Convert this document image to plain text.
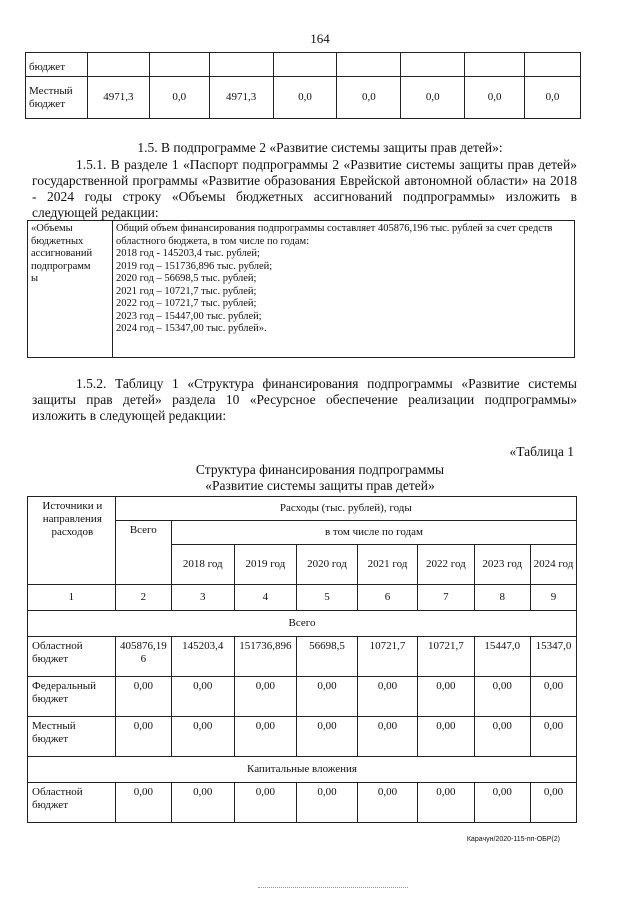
164
бюджет								
Местный бюджет	4971,3	0,0	4971,3	0,0	0,0	0,0	0,0	0,0
1.5. В подпрограмме 2 «Развитие системы защиты прав детей»:
1.5.1. В разделе 1 «Паспорт подпрограммы 2 «Развитие системы защиты прав детей» государственной программы «Развитие образования Еврейской автономной области» на 2018 - 2024 годы строку «Объемы бюджетных ассигнований подпрограммы» изложить в следующей редакции:
«Объемы
бюджетных
ассигнований
подпрограмм
ы

Общий объем финансирования подпрограммы составляет 405876,196 тыс. рублей за счет средств областного бюджета, в том числе по годам:
2018 год - 145203,4 тыс. рублей;
2019 год – 151736,896 тыс. рублей;
2020 год – 56698,5 тыс. рублей;
2021 год – 10721,7 тыс. рублей;
2022 год – 10721,7 тыс. рублей;
2023 год – 15447,00 тыс. рублей;
2024 год – 15347,00 тыс. рублей».
1.5.2. Таблицу 1 «Структура финансирования подпрограммы «Развитие системы защиты прав детей» раздела 10 «Ресурсное обеспечение реализации подпрограммы» изложить в следующей редакции:
«Таблица 1
Структура финансирования подпрограммы
«Развитие системы защиты прав детей»
Источники и направления расходов	Расходы (тыс. рублей), годы							
	Всего	в том числе по годам						
		2018 год	2019 год	2020 год	2021 год	2022 год	2023 год	2024 год
1	2	3	4	5	6	7	8	9
Всего								
Областной бюджет	405876,196	145203,4	151736,896	56698,5	10721,7	10721,7	15447,0	15347,0
Федеральный бюджет	0,00	0,00	0,00	0,00	0,00	0,00	0,00	0,00
Местный бюджет	0,00	0,00	0,00	0,00	0,00	0,00	0,00	0,00
Капитальные вложения								
Областной бюджет	0,00	0,00	0,00	0,00	0,00	0,00	0,00	0,00
Карачун/2020-115-пп-ОБР(2)
